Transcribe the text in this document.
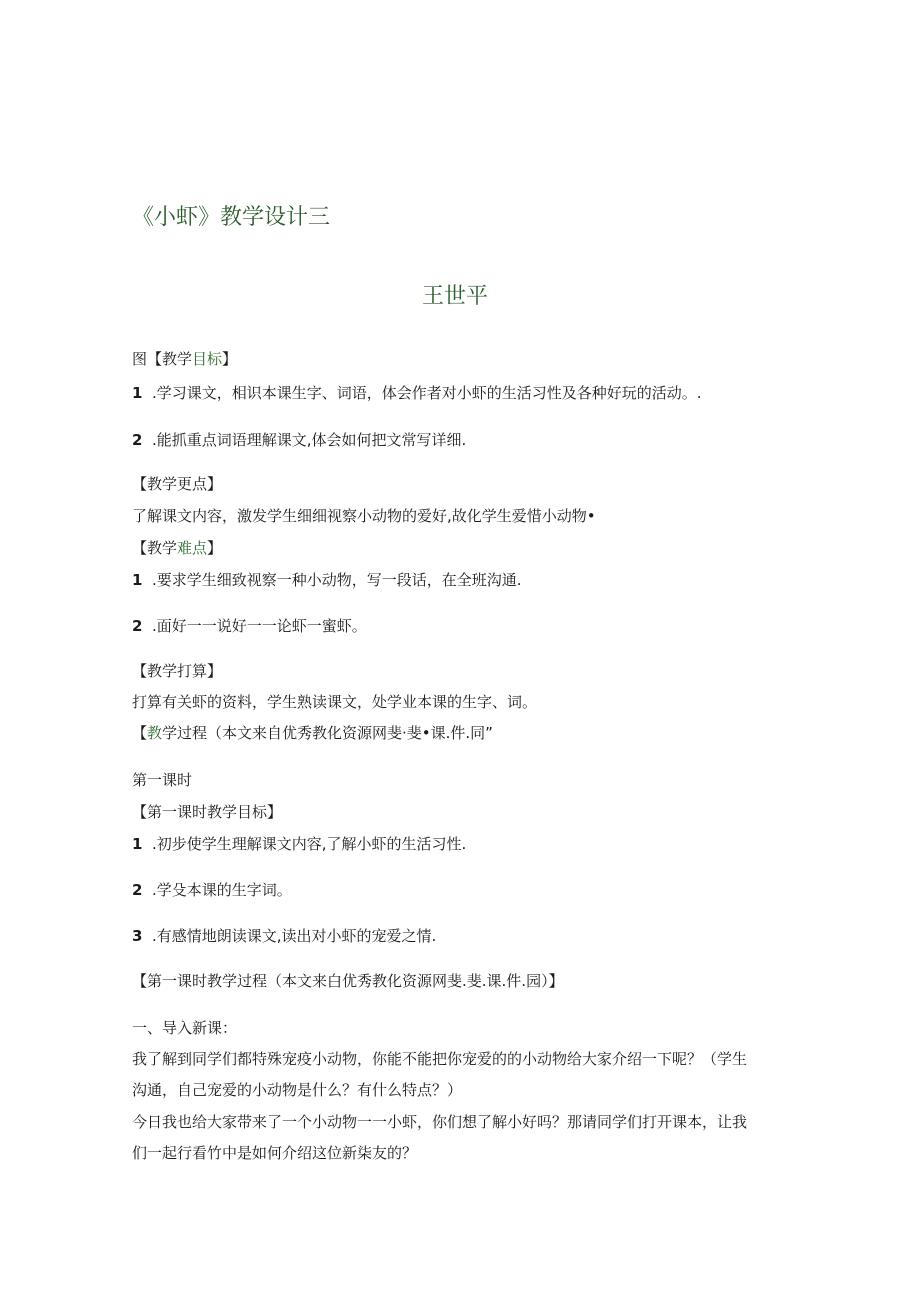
《小虾》教学设计三
王世平
图【教学目标】
1 .学习课文，相识本课生字、词语，体会作者对小虾的生活习性及各种好玩的活动。.
2 .能抓重点词语理解课文,体会如何把文常写详细.
【教学更点】
了解课文内容，激发学生细细视察小动物的爱好,故化学生爱惜小动物•
【教学难点】
1 .要求学生细致视察一种小动物，写一段话，在全班沟通.
2 .面好一一说好一一论虾一蜜虾。
【教学打算】
打算有关虾的资料，学生熟读课文，处学业本课的生字、词。
【教学过程（本文来自优秀教化资源网斐·斐•课.件.同”
第一课时
【第一课时教学目标】
1 .初步使学生理解课文内容,了解小虾的生活习性.
2 .学殳本课的生字词。
3 .有感情地朗读课文,读出对小虾的宠爱之情.
【第一课时教学过程（本文来白优秀教化资源网斐.斐.课.件.园）】
一、导入新课：
我了解到同学们都特殊宠疫小动物，你能不能把你宠爱的的小动物给大家介绍一下呢？（学生
沟通，自己宠爱的小动物是什么？有什么特点？）
今日我也给大家带来了一个小动物一一小虾，你们想了解小好吗？那请同学们打开课本，让我
们一起行看竹中是如何介绍这位新柒友的？
